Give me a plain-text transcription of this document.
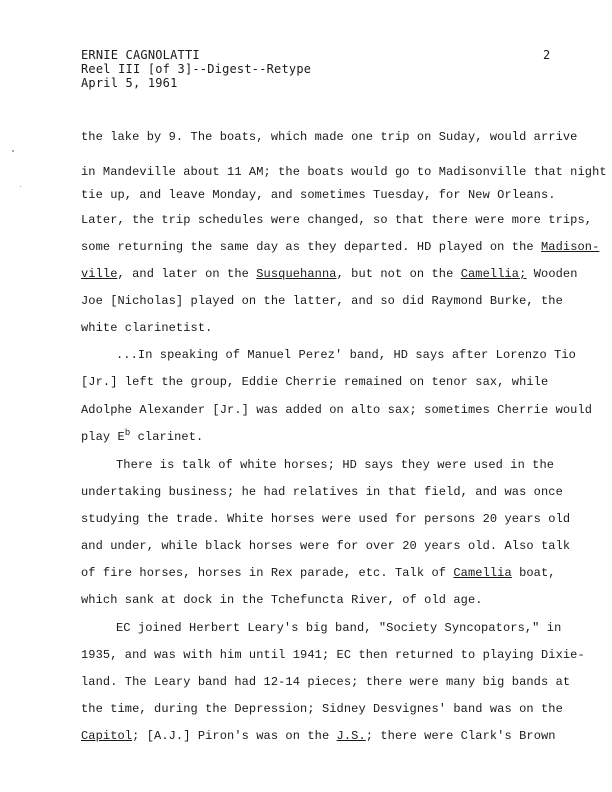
ERNIE CAGNOLATTI
Reel III [of 3]--Digest--Retype
April 5, 1961
2
the lake by 9. The boats, which made one trip on Suday, would arrive
in Mandeville about 11 AM; the boats would go to Madisonville that night
tie up, and leave Monday, and sometimes Tuesday, for New Orleans.
Later, the trip schedules were changed, so that there were more trips,
some returning the same day as they departed. HD played on the Madison-
ville, and later on the Susquehanna, but not on the Camellia; Wooden
Joe [Nicholas] played on the latter, and so did Raymond Burke, the
white clarinetist.
...In speaking of Manuel Perez' band, HD says after Lorenzo Tio
[Jr.] left the group, Eddie Cherrie remained on tenor sax, while
Adolphe Alexander [Jr.] was added on alto sax; sometimes Cherrie would
play $E^b$ clarinet.
There is talk of white horses; HD says they were used in the
undertaking business; he had relatives in that field, and was once
studying the trade. White horses were used for persons 20 years old
and under, while black horses were for over 20 years old. Also talk
of fire horses, horses in Rex parade, etc. Talk of Camellia boat,
which sank at dock in the Tchefuncta River, of old age.
EC joined Herbert Leary's big band, "Society Syncopators," in
1935, and was with him until 1941; EC then returned to playing Dixie-
land. The Leary band had 12-14 pieces; there were many big bands at
the time, during the Depression; Sidney Desvignes' band was on the
Capitol; [A.J.] Piron's was on the J.S.; there were Clark's Brown
